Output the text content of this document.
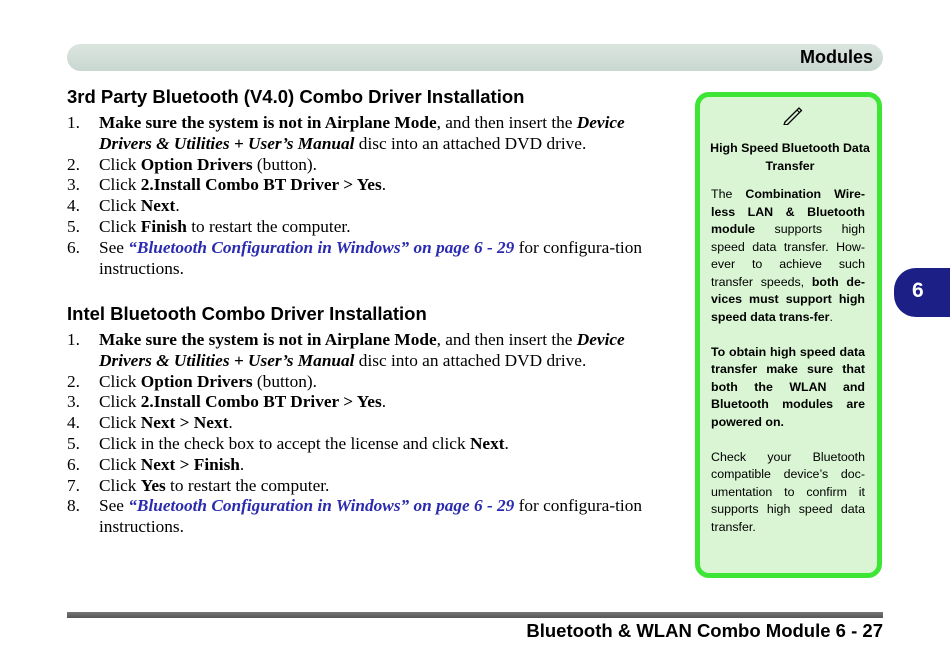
Modules
3rd Party Bluetooth (V4.0) Combo Driver Installation
1. Make sure the system is not in Airplane Mode, and then insert the Device Drivers & Utilities + User’s Manual disc into an attached DVD drive.
2. Click Option Drivers (button).
3. Click 2.Install Combo BT Driver > Yes.
4. Click Next.
5. Click Finish to restart the computer.
6. See “Bluetooth Configuration in Windows” on page 6 - 29 for configura-tion instructions.
Intel Bluetooth Combo Driver Installation
1. Make sure the system is not in Airplane Mode, and then insert the Device Drivers & Utilities + User’s Manual disc into an attached DVD drive.
2. Click Option Drivers (button).
3. Click 2.Install Combo BT Driver > Yes.
4. Click Next > Next.
5. Click in the check box to accept the license and click Next.
6. Click Next > Finish.
7. Click Yes to restart the computer.
8. See “Bluetooth Configuration in Windows” on page 6 - 29 for configura-tion instructions.
High Speed Bluetooth Data Transfer

The Combination Wire-less LAN & Bluetooth module supports high speed data transfer. How-ever to achieve such transfer speeds, both de-vices must support high speed data trans-fer.

To obtain high speed data transfer make sure that both the WLAN and Bluetooth modules are powered on.

Check your Bluetooth compatible device’s doc-umentation to confirm it supports high speed data transfer.

6
Bluetooth & WLAN Combo Module 6 - 27
